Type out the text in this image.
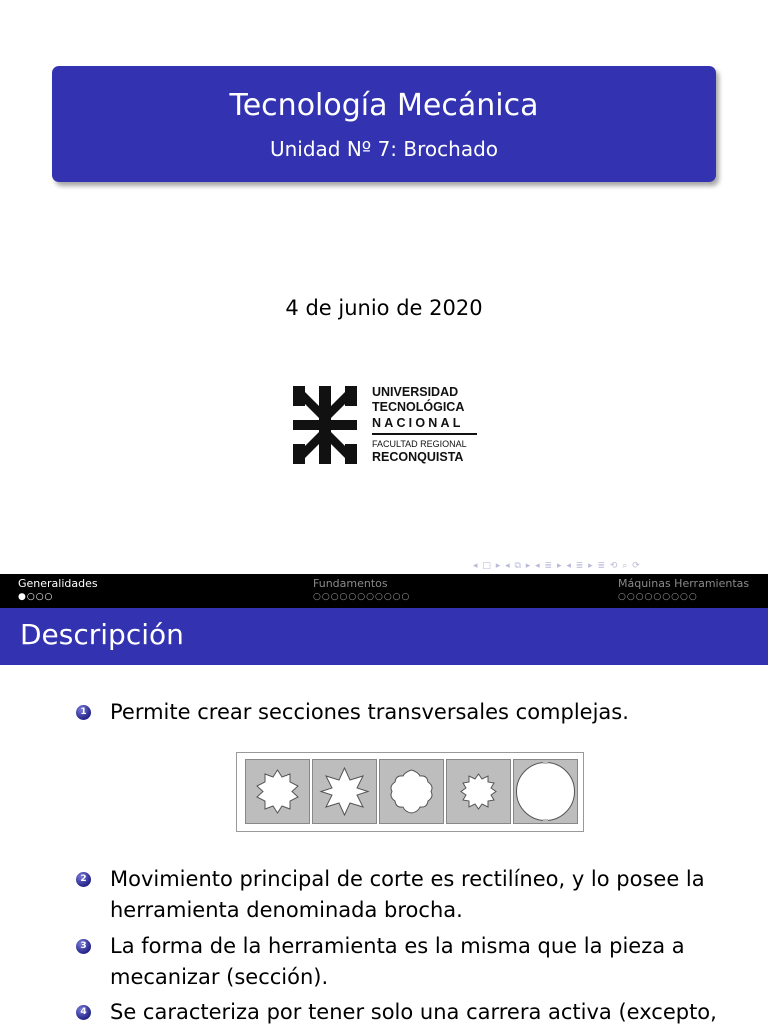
Tecnología Mecánica
Unidad Nº 7: Brochado
4 de junio de 2020
UNIVERSIDAD
TECNOLÓGICA
NACIONAL
FACULTAD REGIONAL
RECONQUISTA
◂ □ ▸ ◂ ⧉ ▸ ◂ ≣ ▸ ◂ ≣ ▸ ≣ ⟲ ⌕ ⟳
Generalidades
●○○○
Fundamentos
○○○○○○○○○○○
Máquinas Herramientas
○○○○○○○○○
Descripción
1 Permite crear secciones transversales complejas.
2 Movimiento principal de corte es rectilíneo, y lo posee la herramienta denominada brocha.
3 La forma de la herramienta es la misma que la pieza a mecanizar (sección).
4 Se caracteriza por tener solo una carrera activa (excepto,
